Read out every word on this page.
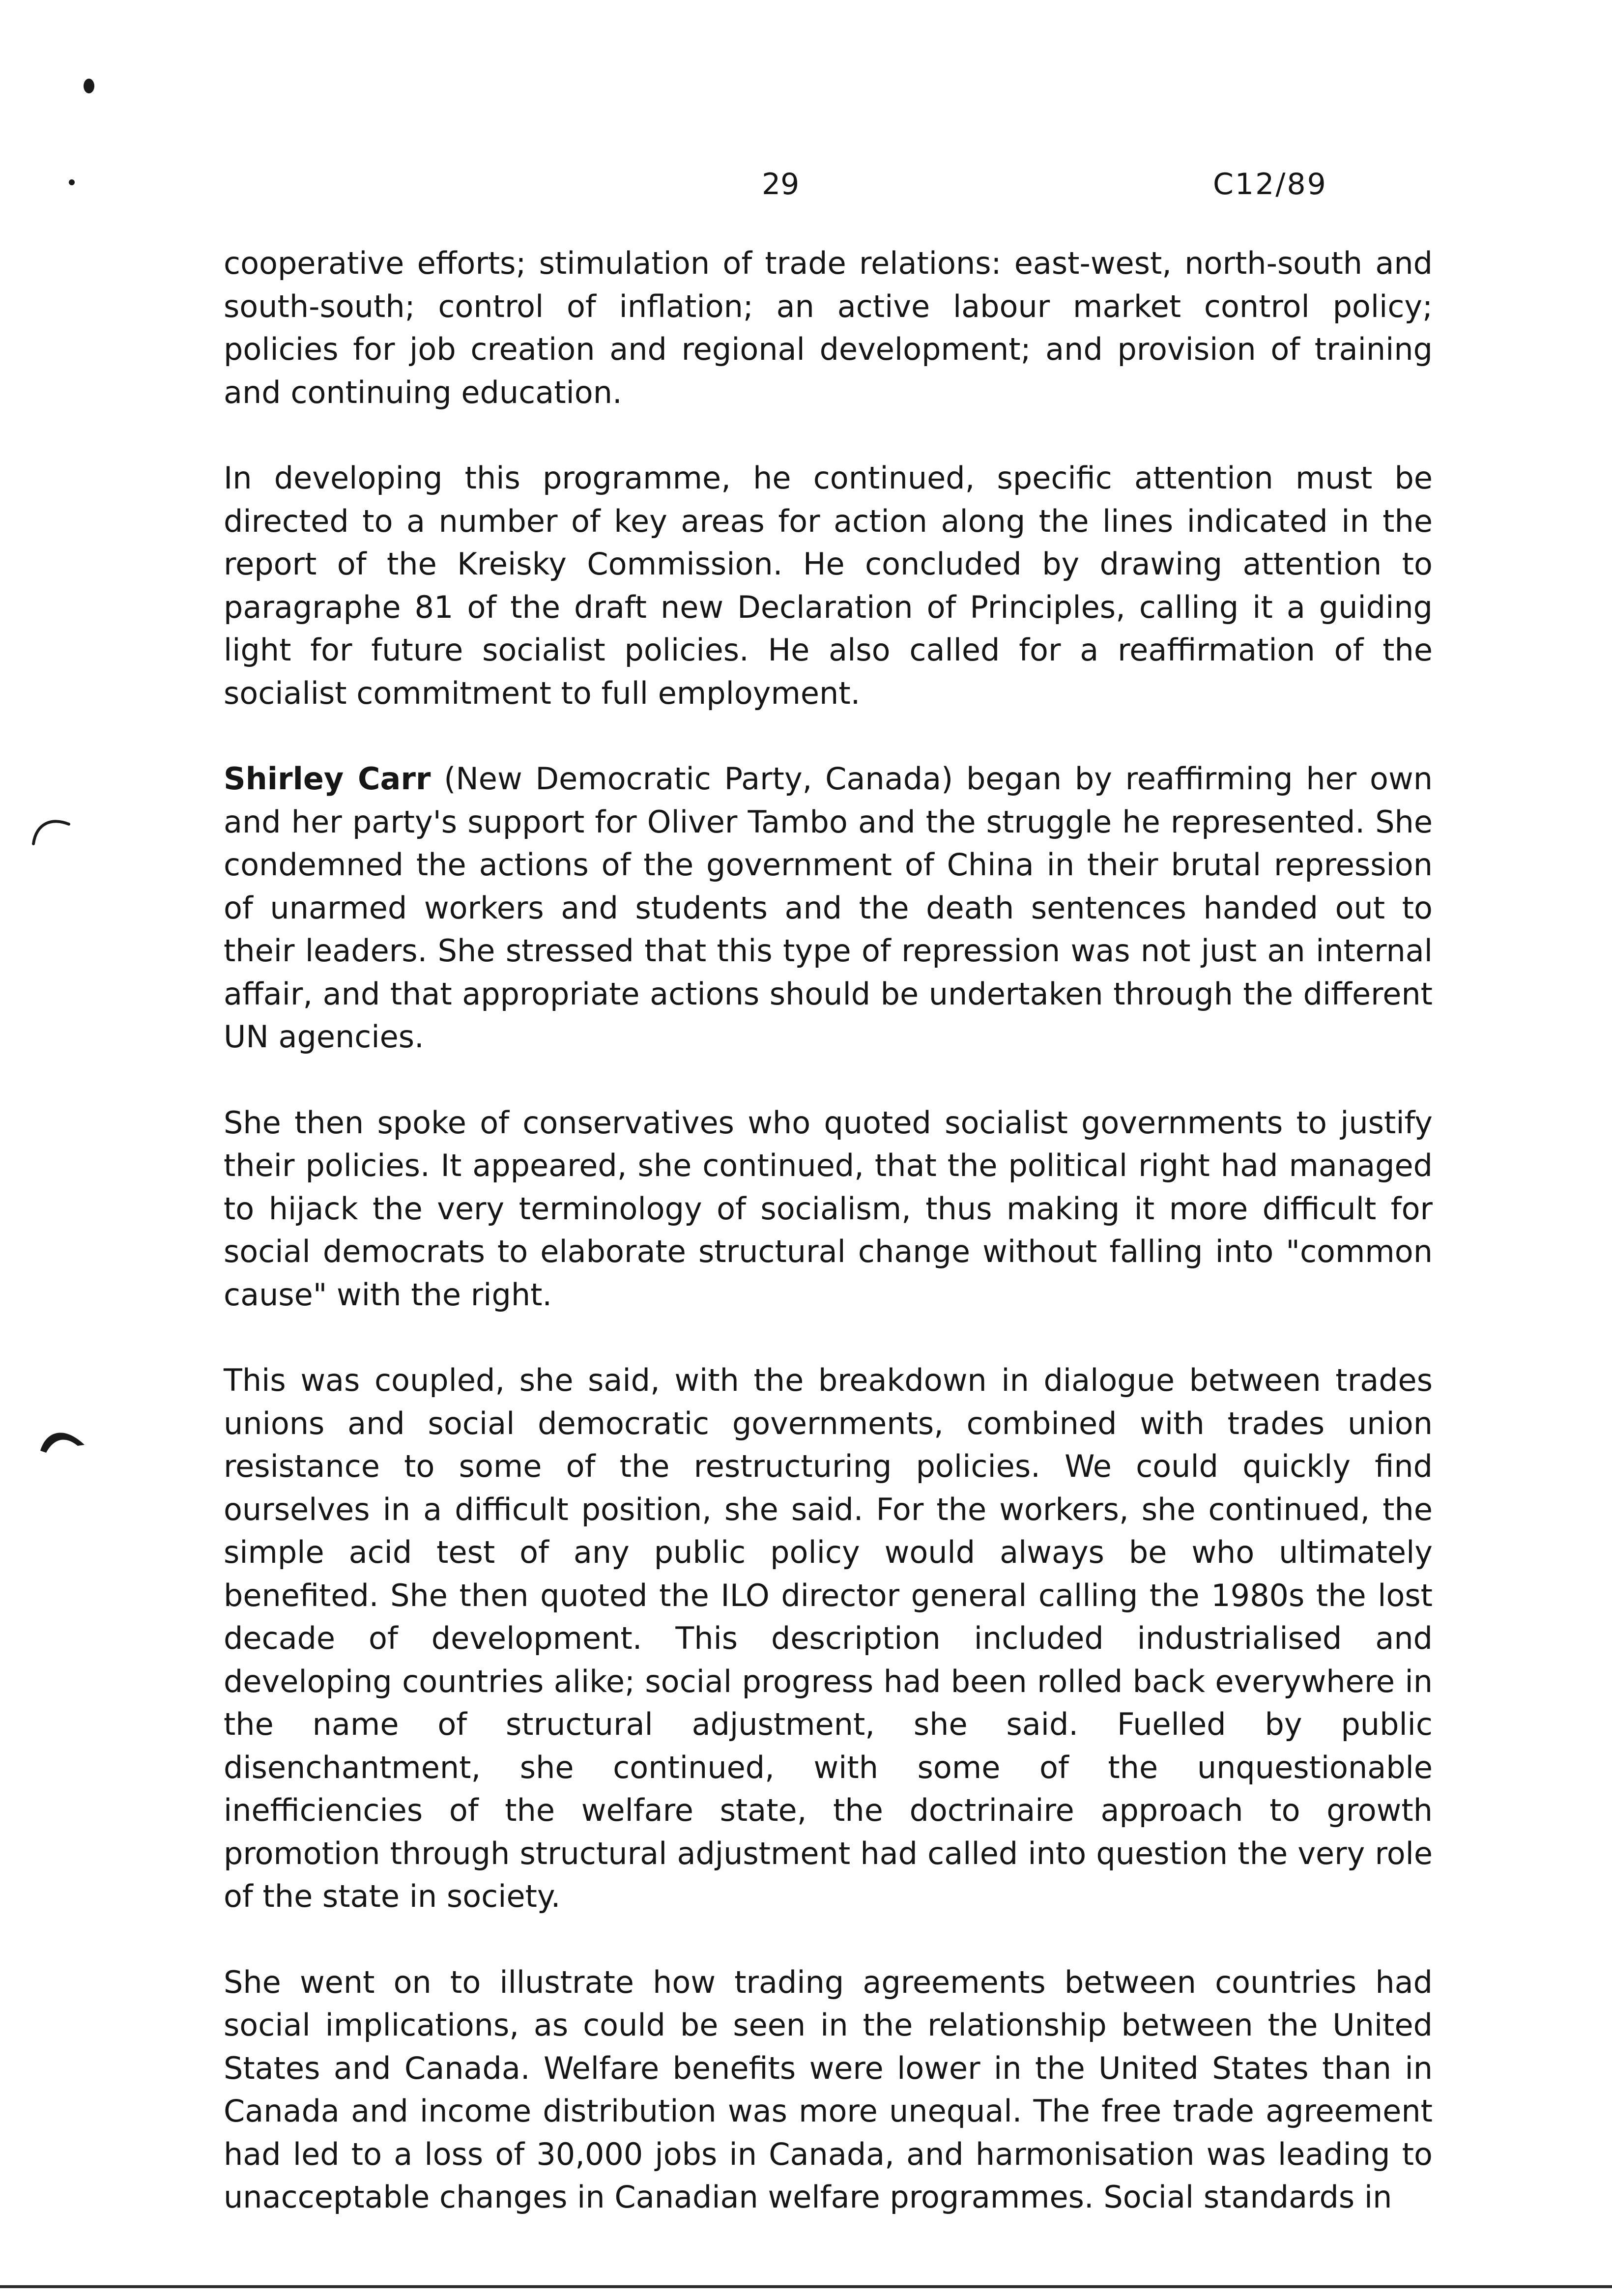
29	C12/89

cooperative efforts; stimulation of trade relations: east-west, north-south and south-south; control of inflation; an active labour market control policy; policies for job creation and regional development; and provision of training and continuing education.

In developing this programme, he continued, specific attention must be directed to a number of key areas for action along the lines indicated in the report of the Kreisky Commission. He concluded by drawing attention to paragraphe 81 of the draft new Declaration of Principles, calling it a guiding light for future socialist policies. He also called for a reaffirmation of the socialist commitment to full employment.

Shirley Carr (New Democratic Party, Canada) began by reaffirming her own and her party's support for Oliver Tambo and the struggle he represented. She condemned the actions of the government of China in their brutal repression of unarmed workers and students and the death sentences handed out to their leaders. She stressed that this type of repression was not just an internal affair, and that appropriate actions should be undertaken through the different UN agencies.

She then spoke of conservatives who quoted socialist governments to justify their policies. It appeared, she continued, that the political right had managed to hijack the very terminology of socialism, thus making it more difficult for social democrats to elaborate structural change without falling into "common cause" with the right.

This was coupled, she said, with the breakdown in dialogue between trades unions and social democratic governments, combined with trades union resistance to some of the restructuring policies. We could quickly find ourselves in a difficult position, she said. For the workers, she continued, the simple acid test of any public policy would always be who ultimately benefited. She then quoted the ILO director general calling the 1980s the lost decade of development. This description included industrialised and developing countries alike; social progress had been rolled back everywhere in the name of structural adjustment, she said. Fuelled by public disenchantment, she continued, with some of the unquestionable inefficiencies of the welfare state, the doctrinaire approach to growth promotion through structural adjustment had called into question the very role of the state in society.

She went on to illustrate how trading agreements between countries had social implications, as could be seen in the relationship between the United States and Canada. Welfare benefits were lower in the United States than in Canada and income distribution was more unequal. The free trade agreement had led to a loss of 30,000 jobs in Canada, and harmonisation was leading to unacceptable changes in Canadian welfare programmes. Social standards in
